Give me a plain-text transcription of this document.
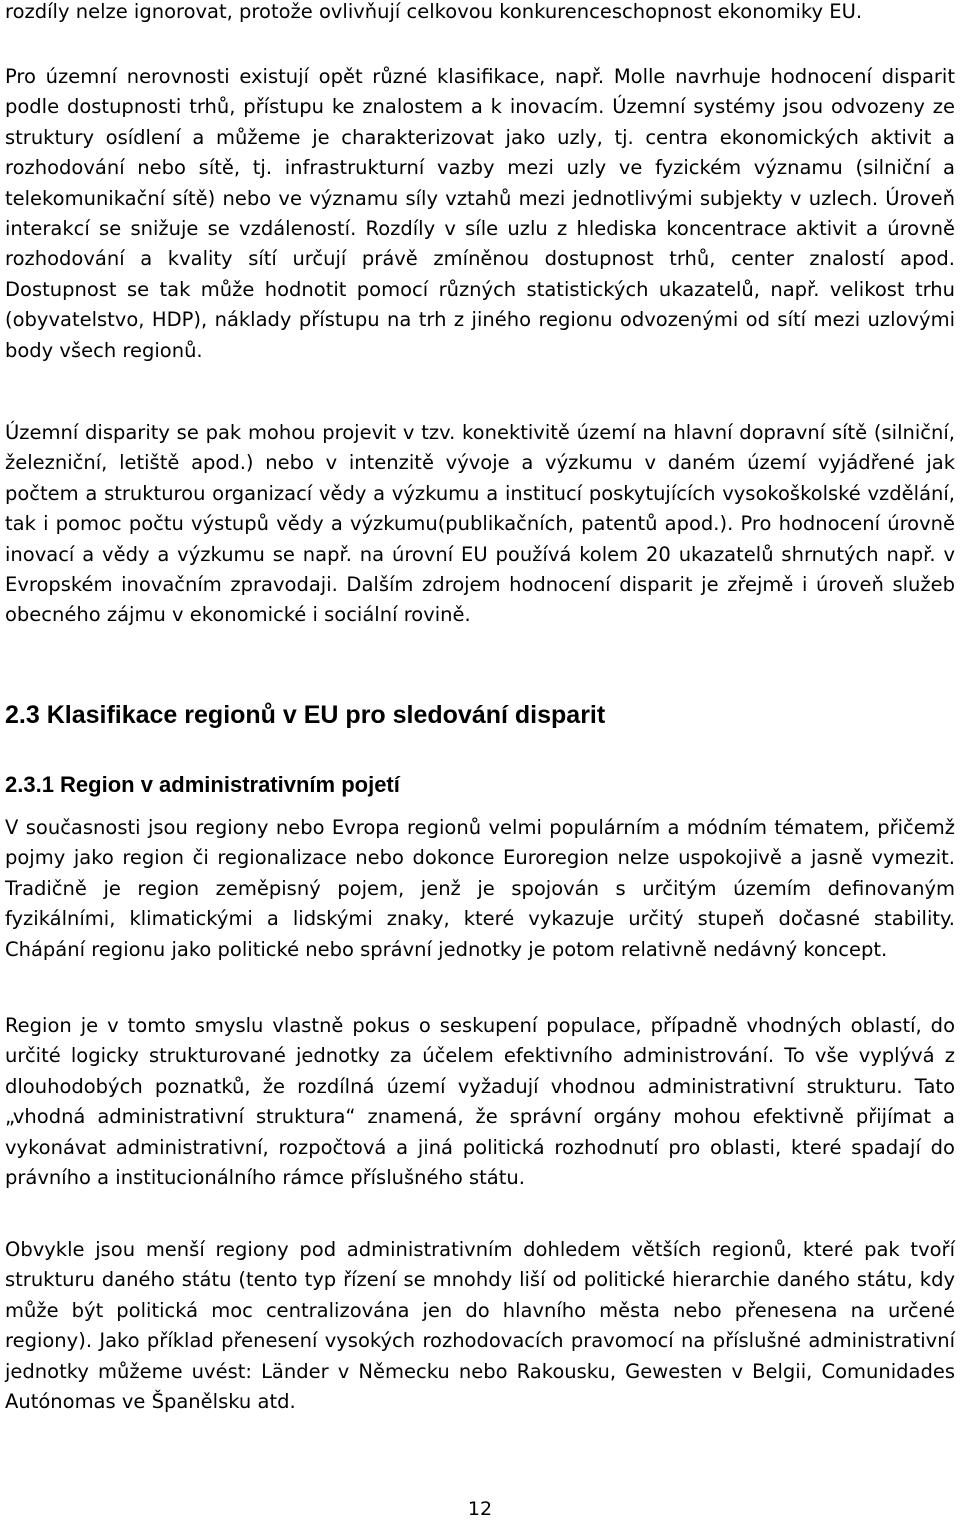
rozdíly nelze ignorovat, protože ovlivňují celkovou konkurenceschopnost ekonomiky EU.

Pro územní nerovnosti existují opět různé klasifikace, např. Molle navrhuje hodnocení disparit podle dostupnosti trhů, přístupu ke znalostem a k inovacím. Územní systémy jsou odvozeny ze struktury osídlení a můžeme je charakterizovat jako uzly, tj. centra ekonomických aktivit a rozhodování nebo sítě, tj. infrastrukturní vazby mezi uzly ve fyzickém významu (silniční a telekomunikační sítě) nebo ve významu síly vztahů mezi jednotlivými subjekty v uzlech. Úroveň interakcí se snižuje se vzdáleností. Rozdíly v síle uzlu z hlediska koncentrace aktivit a úrovně rozhodování a kvality sítí určují právě zmíněnou dostupnost trhů, center znalostí apod. Dostupnost se tak může hodnotit pomocí různých statistických ukazatelů, např. velikost trhu (obyvatelstvo, HDP), náklady přístupu na trh z jiného regionu odvozenými od sítí mezi uzlovými body všech regionů.

Územní disparity se pak mohou projevit v tzv. konektivitě území na hlavní dopravní sítě (silniční, železniční, letiště apod.) nebo v intenzitě vývoje a výzkumu v daném území vyjádřené jak počtem a strukturou organizací vědy a výzkumu a institucí poskytujících vysokoškolské vzdělání, tak i pomoc počtu výstupů vědy a výzkumu(publikačních, patentů apod.). Pro hodnocení úrovně inovací a vědy a výzkumu se např. na úrovní EU používá kolem 20 ukazatelů shrnutých např. v Evropském inovačním zpravodaji. Dalším zdrojem hodnocení disparit je zřejmě i úroveň služeb obecného zájmu v ekonomické i sociální rovině.

2.3 Klasifikace regionů v EU pro sledování disparit
2.3.1 Region v administrativním pojetí

V současnosti jsou regiony nebo Evropa regionů velmi populárním a módním tématem, přičemž pojmy jako region či regionalizace nebo dokonce Euroregion nelze uspokojivě a jasně vymezit. Tradičně je region zeměpisný pojem, jenž je spojován s určitým územím definovaným fyzikálními, klimatickými a lidskými znaky, které vykazuje určitý stupeň dočasné stability. Chápání regionu jako politické nebo správní jednotky je potom relativně nedávný koncept.

Region je v tomto smyslu vlastně pokus o seskupení populace, případně vhodných oblastí, do určité logicky strukturované jednotky za účelem efektivního administrování. To vše vyplývá z dlouhodobých poznatků, že rozdílná území vyžadují vhodnou administrativní strukturu. Tato „vhodná administrativní struktura“ znamená, že správní orgány mohou efektivně přijímat a vykonávat administrativní, rozpočtová a jiná politická rozhodnutí pro oblasti, které spadají do právního a institucionálního rámce příslušného státu.

Obvykle jsou menší regiony pod administrativním dohledem větších regionů, které pak tvoří strukturu daného státu (tento typ řízení se mnohdy liší od politické hierarchie daného státu, kdy může být politická moc centralizována jen do hlavního města nebo přenesena na určené regiony). Jako příklad přenesení vysokých rozhodovacích pravomocí na příslušné administrativní jednotky můžeme uvést: Länder v Německu nebo Rakousku, Gewesten v Belgii, Comunidades Autónomas ve Španělsku atd.

12
